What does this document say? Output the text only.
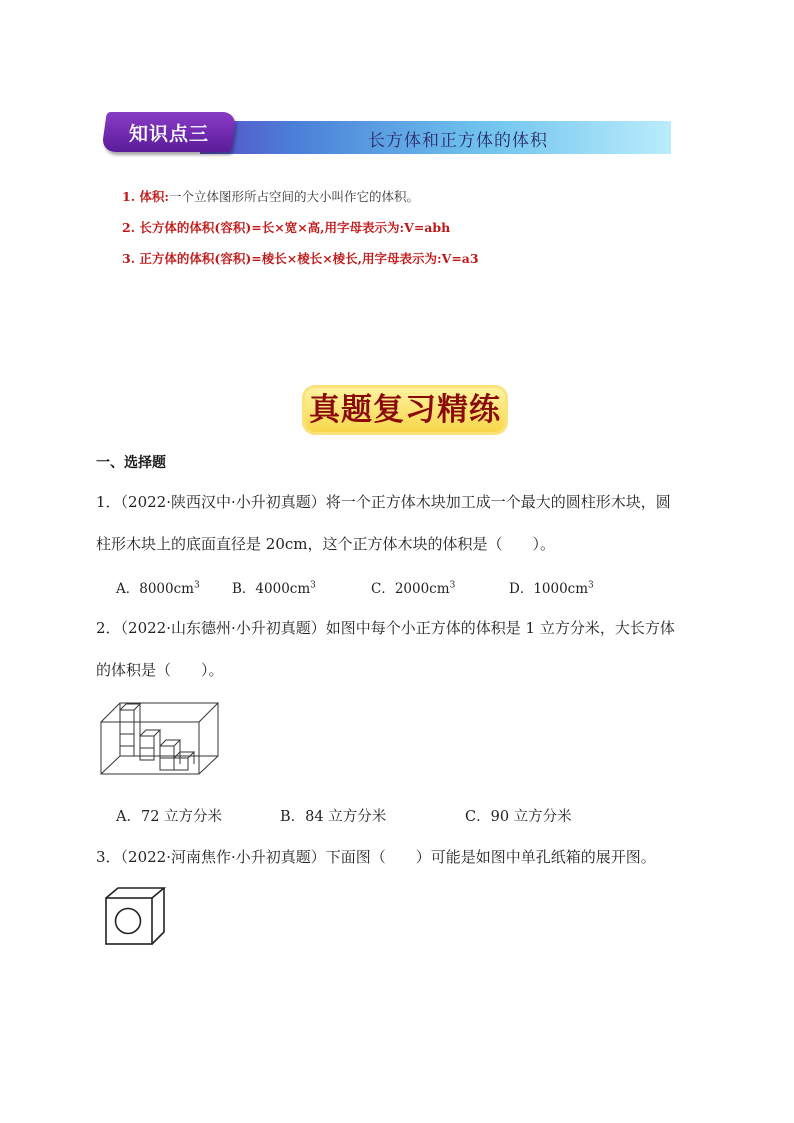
长方体和正方体的体积
知识点三
1. 体积:一个立体图形所占空间的大小叫作它的体积。
2. 长方体的体积(容积)=长×宽×高,用字母表示为:V=abh
3. 正方体的体积(容积)=棱长×棱长×棱长,用字母表示为:V=a3
真题复习精练
一、选择题
1．（2022·陕西汉中·小升初真题）将一个正方体木块加工成一个最大的圆柱形木块，圆
柱形木块上的底面直径是 20cm，这个正方体木块的体积是（　　）。
A．$8000cm^3$ B．$4000cm^3$	C．$2000cm^3$	D．$1000cm^3$
2．（2022·山东德州·小升初真题）如图中每个小正方体的体积是 1 立方分米，大长方体
的体积是（　　）。
A．72 立方分米	B．84 立方分米	C．90 立方分米
3．（2022·河南焦作·小升初真题）下面图（　　）可能是如图中单孔纸箱的展开图。
